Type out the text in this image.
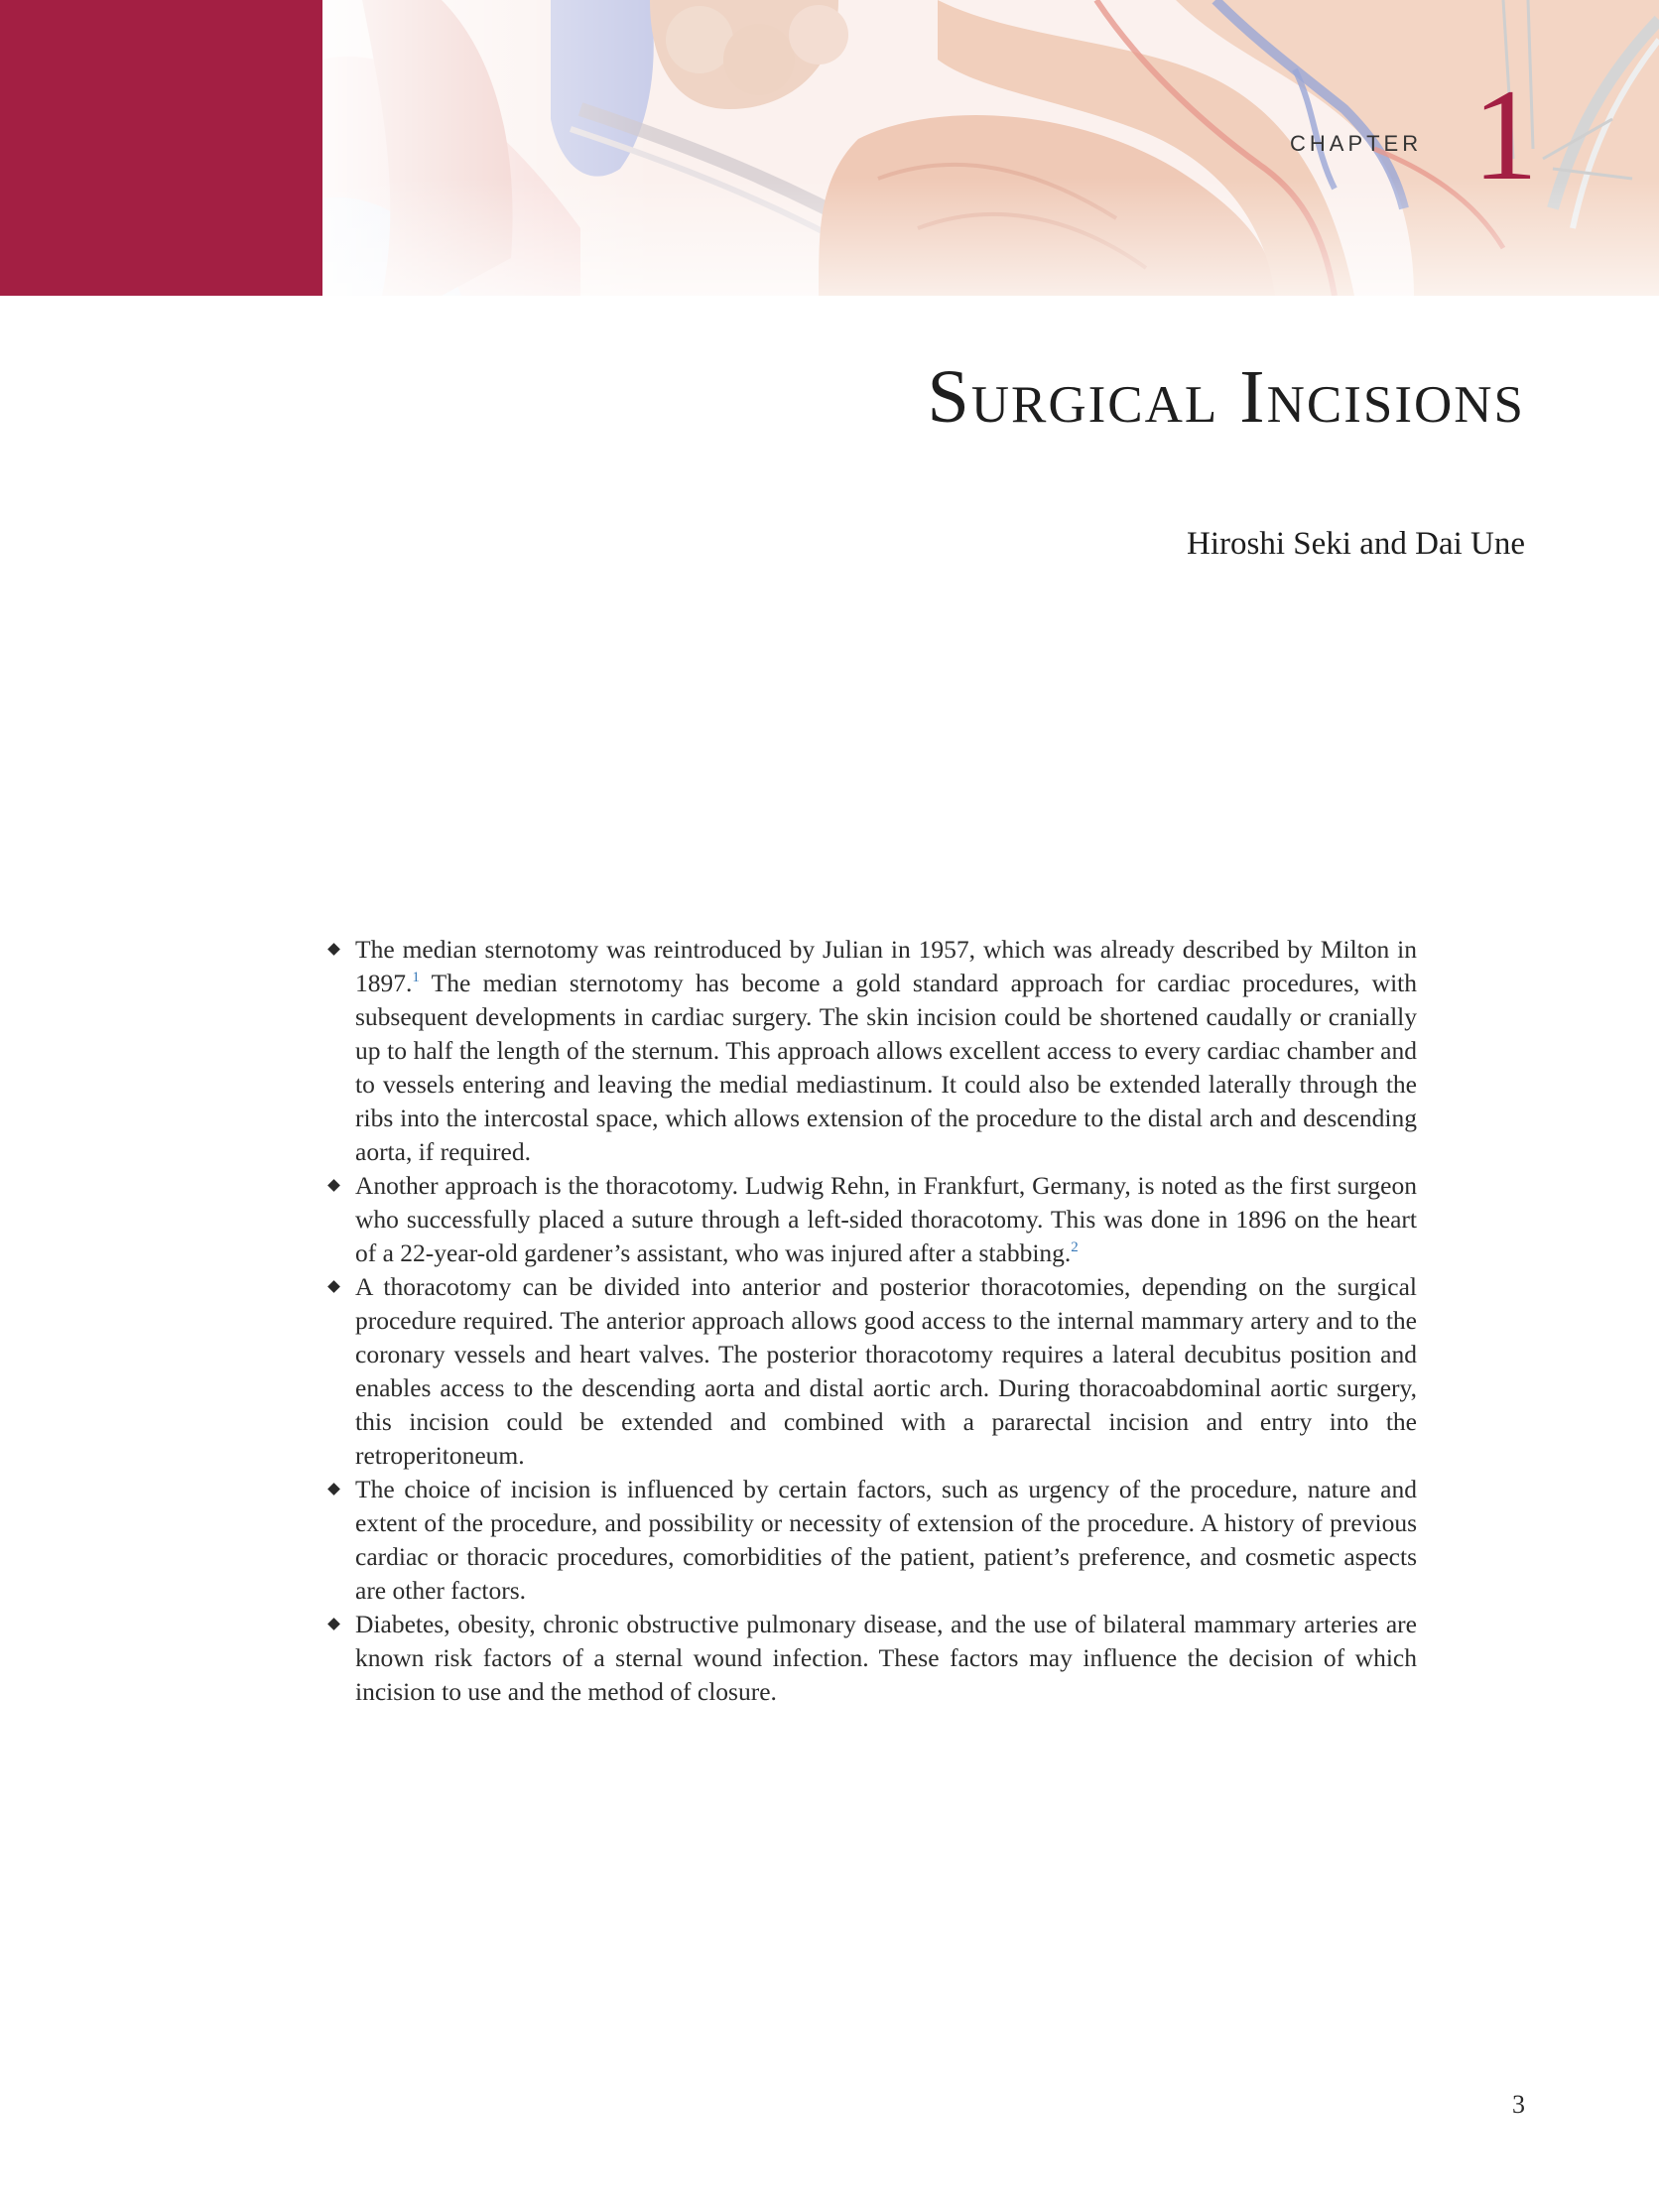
CHAPTER 1
Surgical Incisions
Hiroshi Seki and Dai Une
The median sternotomy was reintroduced by Julian in 1957, which was already described by Milton in 1897.$^1$ The median sternotomy has become a gold standard approach for cardiac procedures, with subsequent developments in cardiac surgery. The skin incision could be shortened caudally or cranially up to half the length of the sternum. This approach allows excellent access to every cardiac chamber and to vessels entering and leaving the medial mediastinum. It could also be extended laterally through the ribs into the intercostal space, which allows extension of the procedure to the distal arch and descending aorta, if required.
Another approach is the thoracotomy. Ludwig Rehn, in Frankfurt, Germany, is noted as the first surgeon who successfully placed a suture through a left-sided thoracotomy. This was done in 1896 on the heart of a 22-year-old gardener’s assistant, who was injured after a stabbing.$^2$
A thoracotomy can be divided into anterior and posterior thoracotomies, depending on the surgical procedure required. The anterior approach allows good access to the internal mammary artery and to the coronary vessels and heart valves. The posterior thoracotomy requires a lateral decubitus position and enables access to the descending aorta and distal aortic arch. During thoracoabdominal aortic surgery, this incision could be extended and combined with a pararectal incision and entry into the retroperitoneum.
The choice of incision is influenced by certain factors, such as urgency of the procedure, nature and extent of the procedure, and possibility or necessity of extension of the procedure. A history of previous cardiac or thoracic procedures, comorbidities of the patient, patient’s preference, and cosmetic aspects are other factors.
Diabetes, obesity, chronic obstructive pulmonary disease, and the use of bilateral mammary arteries are known risk factors of a sternal wound infection. These factors may influence the decision of which incision to use and the method of closure.
3
